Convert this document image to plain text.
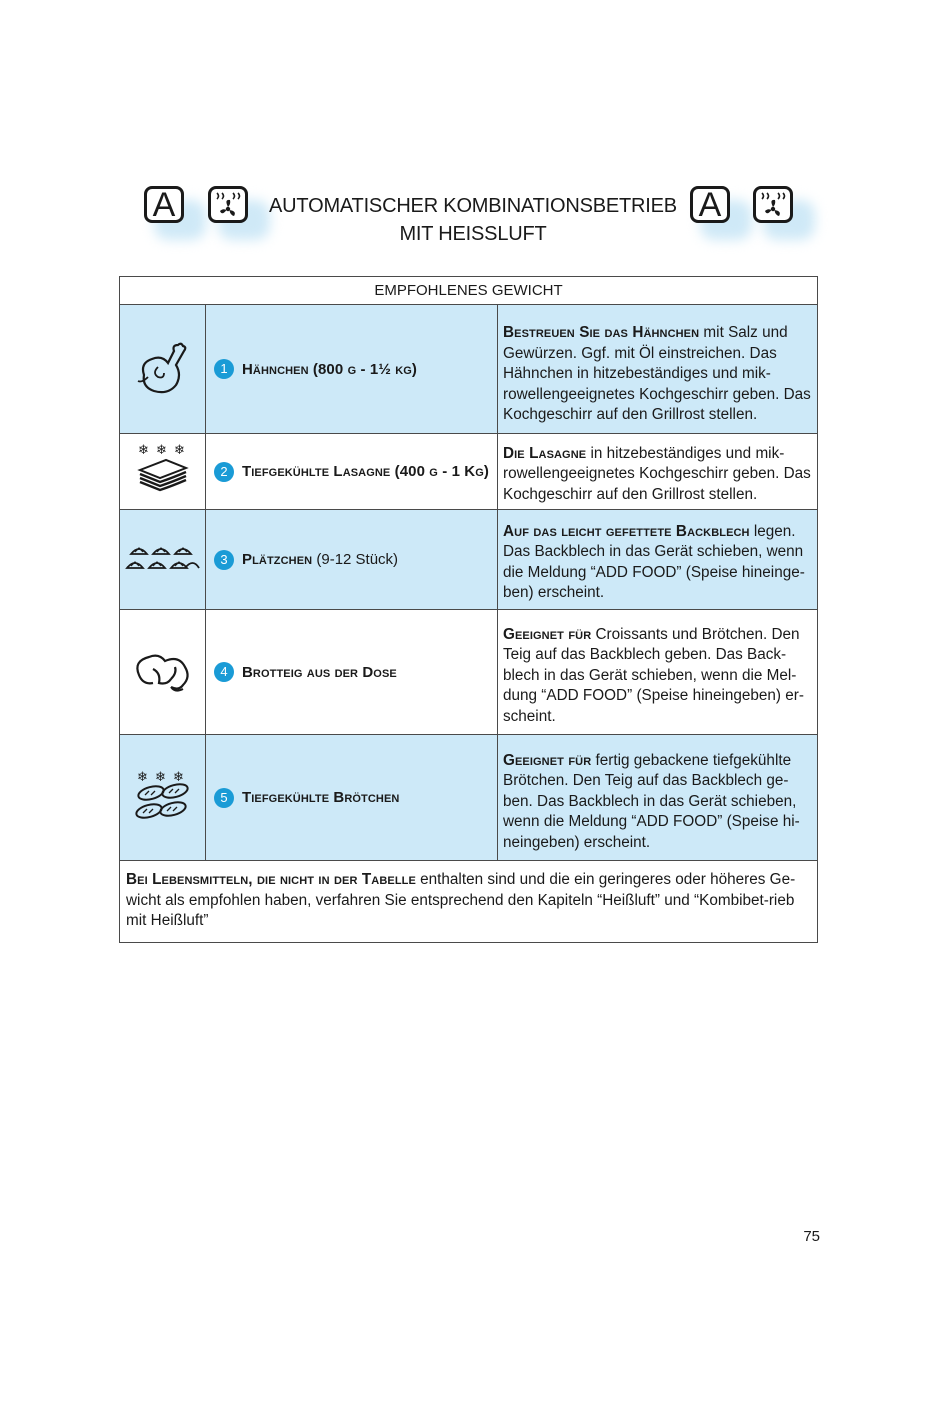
A	AUTOMATISCHER KOMBINATIONSBETRIEB
MIT HEISSLUFT
A
EMPFOHLENES GEWICHT		

1 Hähnchen (800 g - 1½ kg)	Bestreuen Sie das Hähnchen mit Salz und Gewürzen. Ggf. mit Öl einstreichen. Das Hähnchen in hitzebeständiges und mik-rowellengeeignetes Kochgeschirr geben. Das Kochgeschirr auf den Grillrost stellen.

❄ ❄ ❄	2 Tiefgekühlte Lasagne (400 g - 1 Kg)	Die Lasagne in hitzebeständiges und mik-rowellengeeignetes Kochgeschirr geben. Das Kochgeschirr auf den Grillrost stellen.

3 Plätzchen (9-12 Stück)	Auf das leicht gefettete Backblech legen. Das Backblech in das Gerät schieben, wenn die Meldung “ADD FOOD” (Speise hineinge-ben) erscheint.

4 Brotteig aus der Dose	Geeignet für Croissants und Brötchen. Den Teig auf das Backblech geben. Das Back-blech in das Gerät schieben, wenn die Mel-dung “ADD FOOD” (Speise hineingeben) er-scheint.

❄ ❄ ❄	5 Tiefgekühlte Brötchen	Geeignet für fertig gebackene tiefgekühlte Brötchen. Den Teig auf das Backblech ge-ben. Das Backblech in das Gerät schieben, wenn die Meldung “ADD FOOD” (Speise hi-neingeben) erscheint.
Bei Lebensmitteln, die nicht in der Tabelle enthalten sind und die ein geringeres oder höheres Ge-wicht als empfohlen haben, verfahren Sie entsprechend den Kapiteln “Heißluft” und “Kombibet-rieb mit Heißluft”		
75
